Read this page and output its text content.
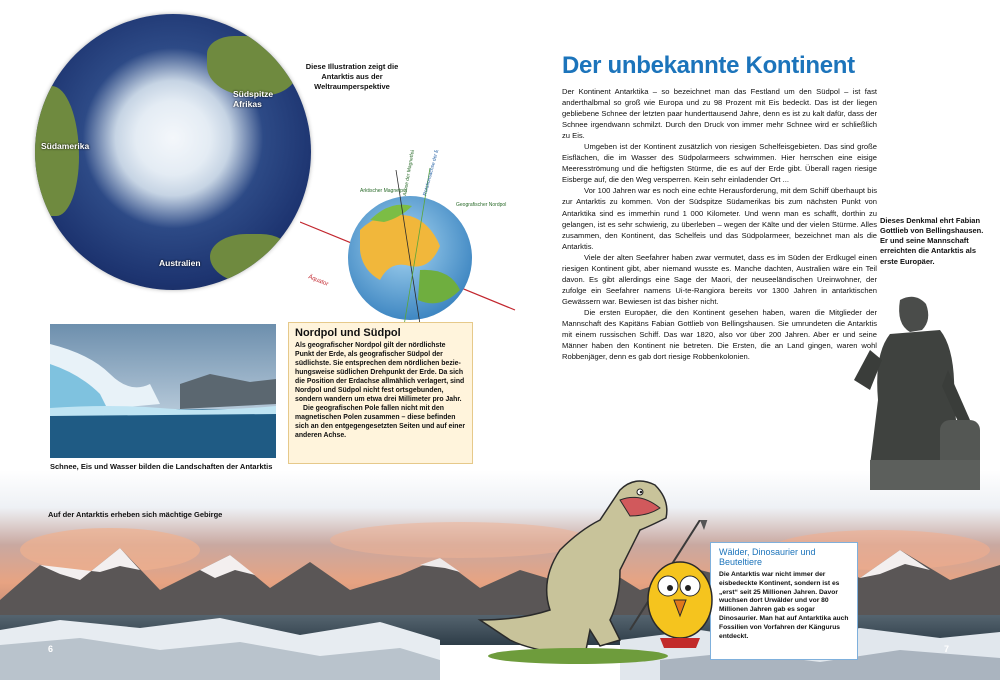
Südspitze Afrikas
Südamerika
Australien
Diese Illustration zeigt die Antarktis aus der Weltraumperspektive
Äquator
Arktischer Magnetpol
Achse der Magnetfeldachse Rotationsachse der Erde
Geografischer Nordpol
Schnee, Eis und Wasser bilden die Landschaften der Antarktis
Nordpol und Südpol

Als geografischer Nordpol gilt der nördlichste Punkt der Erde, als geografischer Südpol der südlichste. Sie entsprechen dem nördlichen bezie-hungsweise südlichen Drehpunkt der Erde. Da sich die Position der Erdachse allmählich verlagert, sind Nordpol und Südpol nicht fest ortsgebunden, sondern wandern um etwa drei Millimeter pro Jahr.

Die geografischen Pole fallen nicht mit den magnetischen Polen zusammen – diese befinden sich an den entgegengesetzten Seiten und auf einer anderen Achse.

Der unbekannte Kontinent

Der Kontinent Antarktika – so bezeichnet man das Festland um den Südpol – ist fast anderthalbmal so groß wie Europa und zu 98 Prozent mit Eis bedeckt. Das ist der liegen gebliebene Schnee der letzten paar hunderttausend Jahre, denn es ist zu kalt dafür, dass der Schnee irgendwann schmilzt. Durch den Druck von immer mehr Schnee wird er schließlich zu Eis.

Umgeben ist der Kontinent zusätzlich von riesigen Schelfeisgebieten. Das sind große Eisflächen, die im Wasser des Südpolarmeers schwimmen. Hier herrschen eine eisige Meeresströmung und die heftigsten Stürme, die es auf der Erde gibt. Überall ragen riesige Eisberge auf, die den Weg versperren. Kein sehr einladender Ort ...

Vor 100 Jahren war es noch eine echte Herausforderung, mit dem Schiff überhaupt bis zur Antarktis zu kommen. Von der Südspitze Südamerikas bis zum nächsten Punkt von Antarktika sind es immerhin rund 1 000 Kilometer. Und wenn man es schafft, dorthin zu gelangen, ist es sehr schwierig, zu überleben – wegen der Kälte und der vielen Stürme. Alles zusammen, den Kontinent, das Schelfeis und das Südpolarmeer, bezeichnet man als die Antarktis.

Viele der alten Seefahrer haben zwar vermutet, dass es im Süden der Erdkugel einen riesigen Kontinent gibt, aber niemand wusste es. Manche dachten, Australien wäre ein Teil davon. Es gibt allerdings eine Sage der Maori, der neuseeländischen Ureinwohner, der zufolge ein Seefahrer namens Ui-te-Rangiora bereits vor 1300 Jahren in antarktischen Gewässern war. Bewiesen ist das bisher nicht.

Die ersten Europäer, die den Kontinent gesehen haben, waren die Mitglieder der Mannschaft des Kapitäns Fabian Gottlieb von Bellingshausen. Sie umrundeten die Antarktis mit einem russischen Schiff. Das war 1820, also vor über 200 Jahren. Aber er und seine Männer haben den Kontinent nie betreten. Die Ersten, die an Land gingen, waren wohl Robbenjäger, denn es gab dort riesige Robbenkolonien.

Dieses Denkmal ehrt Fabian Gottlieb von Bellingshausen. Er und seine Mannschaft erreichten die Antarktis als erste Europäer.
Wälder, Dinosaurier und Beuteltiere

Die Antarktis war nicht immer der eisbedeckte Kontinent, sondern ist es „erst“ seit 25 Millionen Jahren. Davor wuchsen dort Urwälder und vor 80 Millionen Jahren gab es sogar Dinosaurier. Man hat auf Antarktika auch Fossilien von Vorfahren der Kängurus entdeckt.

Auf der Antarktis erheben sich mächtige Gebirge
6	7
